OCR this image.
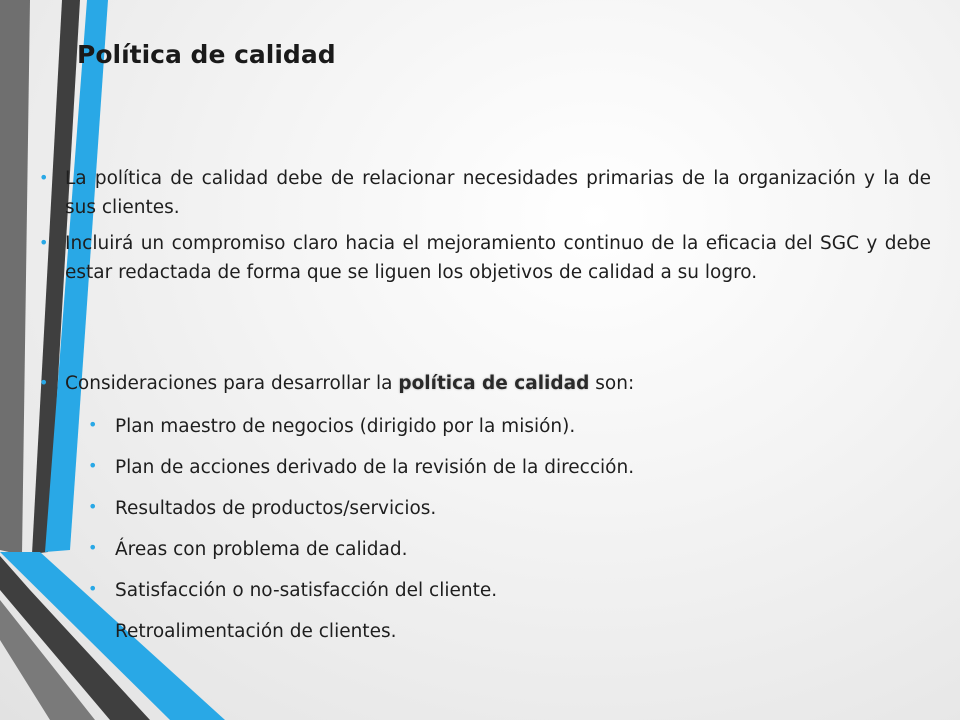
Política de calidad
• La política de calidad debe de relacionar necesidades primarias de la organización y la de sus clientes.
• Incluirá un compromiso claro hacia el mejoramiento continuo de la eficacia del SGC y debe estar redactada de forma que se liguen los objetivos de calidad a su logro.
• Consideraciones para desarrollar la política de calidad son:
• Plan maestro de negocios (dirigido por la misión).
• Plan de acciones derivado de la revisión de la dirección.
• Resultados de productos/servicios.
• Áreas con problema de calidad.
• Satisfacción o no-satisfacción del cliente.
Retroalimentación de clientes.
